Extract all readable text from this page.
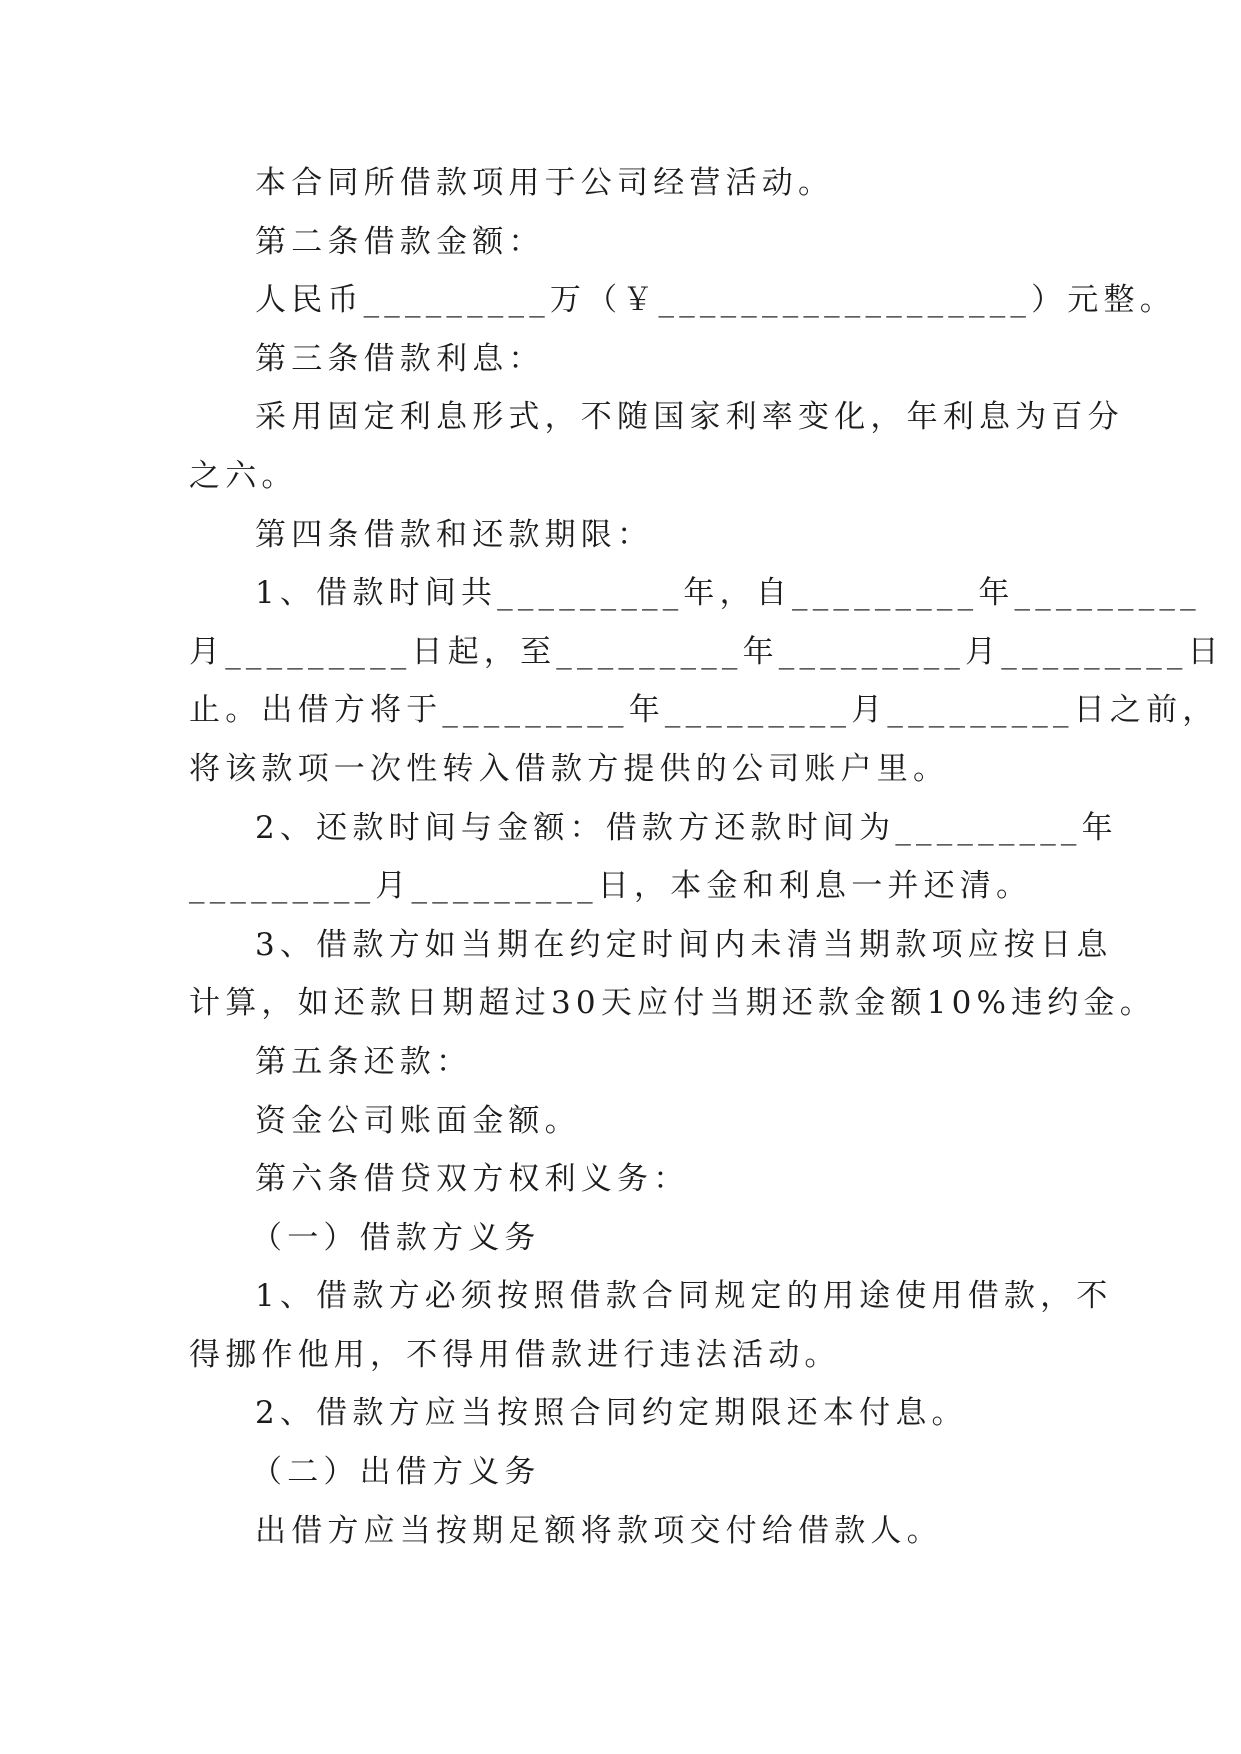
本合同所借款项用于公司经营活动。

第二条借款金额：

人民币_________万（￥__________________）元整。

第三条借款利息：

采用固定利息形式，不随国家利率变化，年利息为百分

之六。

第四条借款和还款期限：

1、借款时间共_________年，自_________年_________

月_________日起，至_________年_________月_________日

止。出借方将于_________年_________月_________日之前，

将该款项一次性转入借款方提供的公司账户里。

2、还款时间与金额：借款方还款时间为_________年

_________月_________日，本金和利息一并还清。

3、借款方如当期在约定时间内未清当期款项应按日息

计算，如还款日期超过30天应付当期还款金额10%违约金。

第五条还款：

资金公司账面金额。

第六条借贷双方权利义务：

（一）借款方义务

1、借款方必须按照借款合同规定的用途使用借款，不

得挪作他用，不得用借款进行违法活动。

2、借款方应当按照合同约定期限还本付息。

（二）出借方义务

出借方应当按期足额将款项交付给借款人。
